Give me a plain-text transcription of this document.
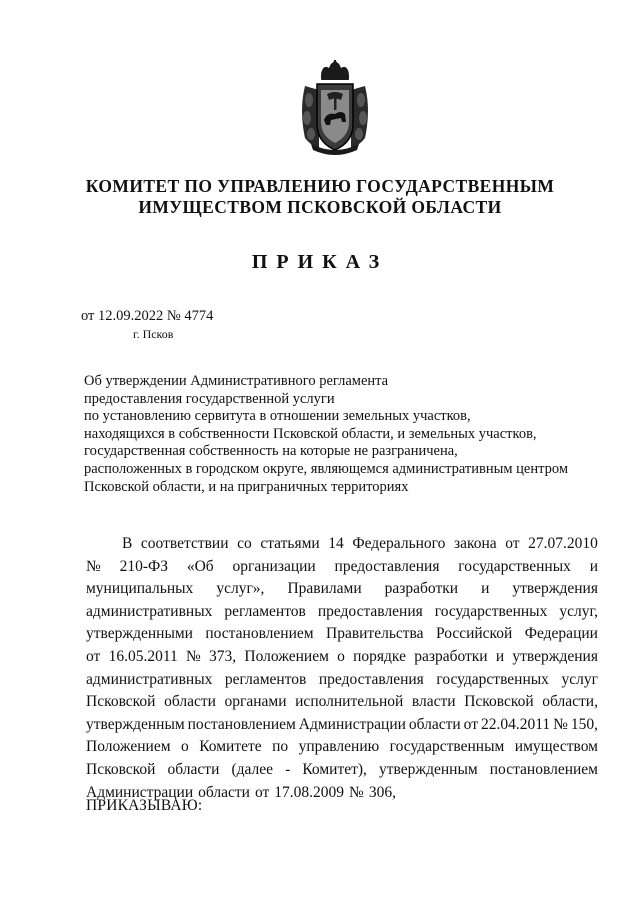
КОМИТЕТ ПО УПРАВЛЕНИЮ ГОСУДАРСТВЕННЫМ
ИМУЩЕСТВОМ ПСКОВСКОЙ ОБЛАСТИ
ПРИКАЗ
от 12.09.2022 № 4774
г. Псков
Об утверждении Административного регламента
предоставления государственной услуги
по установлению сервитута в отношении земельных участков,
находящихся в собственности Псковской области, и земельных участков,
государственная собственность на которые не разграничена,
расположенных в городском округе, являющемся административным центром
Псковской области, и на приграничных территориях
В соответствии со статьями 14 Федерального закона от 27.07.2010
№ 210-ФЗ «Об организации предоставления государственных и
муниципальных услуг», Правилами разработки и утверждения
административных регламентов предоставления государственных услуг,
утвержденными постановлением Правительства Российской Федерации
от 16.05.2011 № 373, Положением о порядке разработки и утверждения
административных регламентов предоставления государственных услуг
Псковской области органами исполнительной власти Псковской области,
утвержденным постановлением Администрации области от 22.04.2011 № 150,
Положением о Комитете по управлению государственным имуществом
Псковской области (далее - Комитет), утвержденным постановлением
Администрации области от 17.08.2009 № 306,
ПРИКАЗЫВАЮ:
